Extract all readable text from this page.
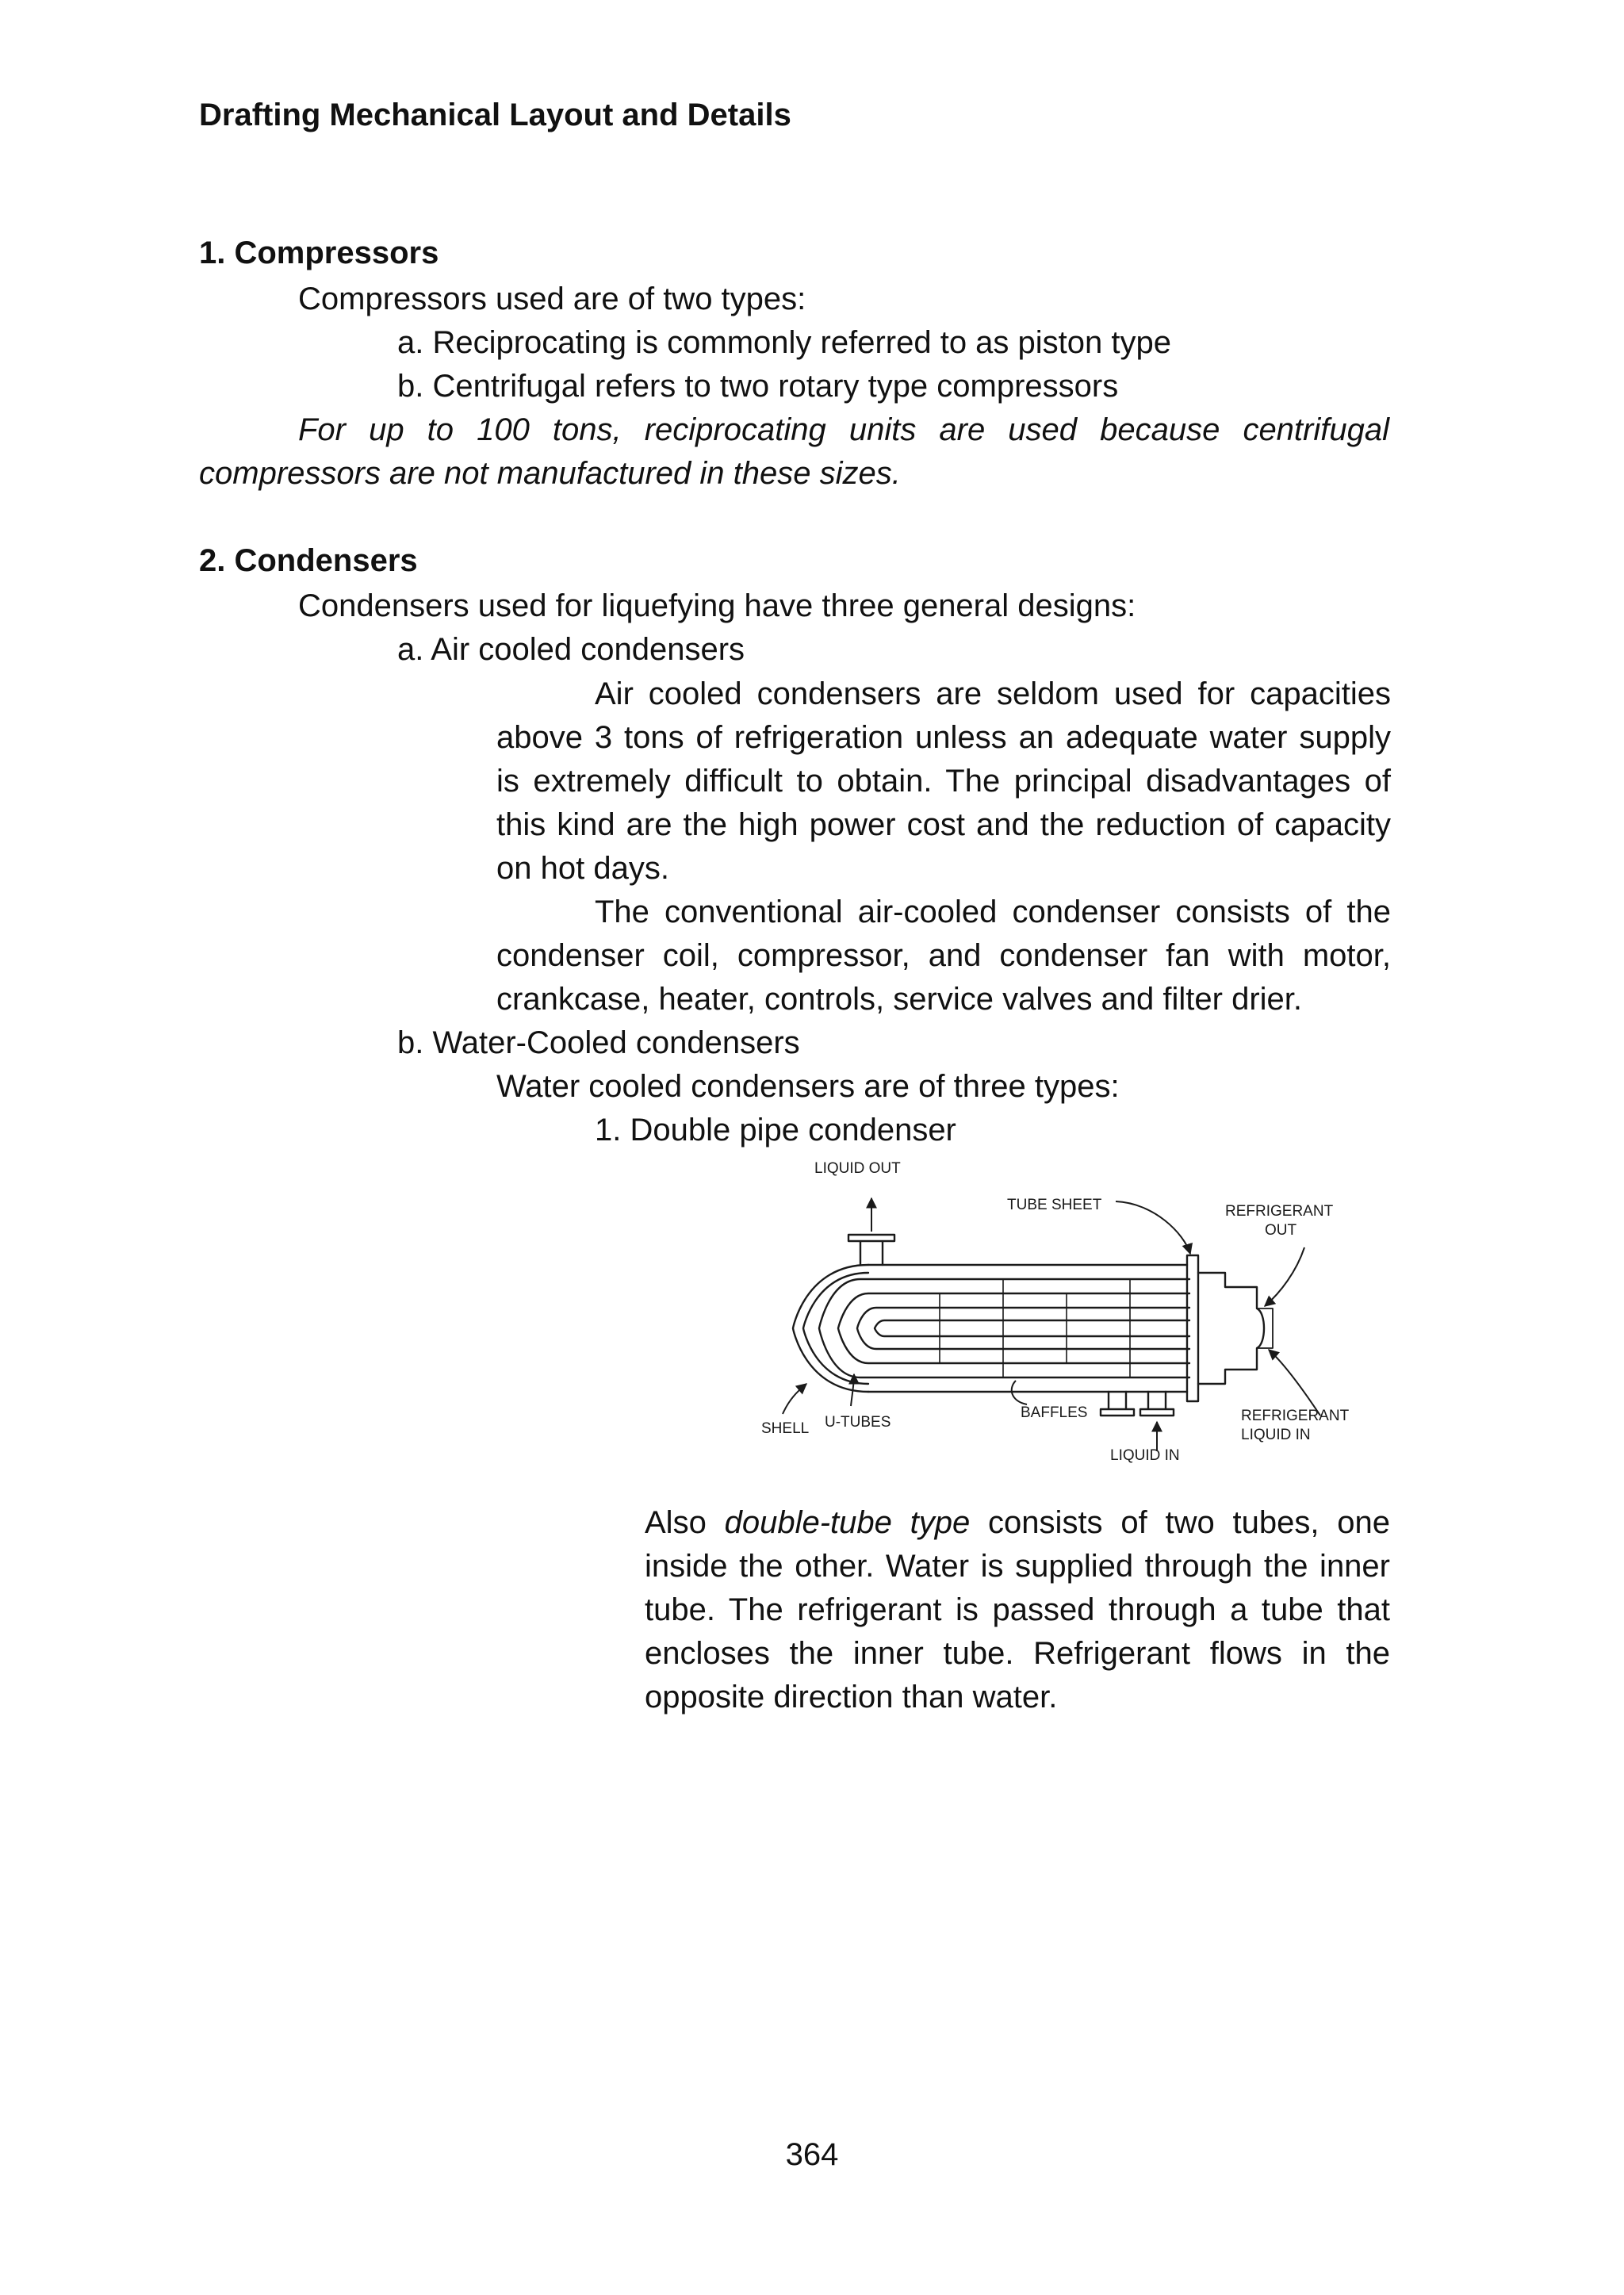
Drafting Mechanical Layout and Details
1. Compressors
Compressors used are of two types:
a. Reciprocating is commonly referred to as piston type
b. Centrifugal refers to two rotary type compressors
For up to 100 tons, reciprocating units are used because centrifugal
compressors are not manufactured in these sizes.
2. Condensers
Condensers used for liquefying have three general designs:
a. Air cooled condensers
Air cooled condensers are seldom used for capacities
above 3 tons of refrigeration unless an adequate water supply
is extremely difficult to obtain. The principal disadvantages of
this kind are the high power cost and the reduction of capacity
on hot days.
The conventional air-cooled condenser consists of the
condenser coil, compressor, and condenser fan with motor,
crankcase, heater, controls, service valves and filter drier.
b. Water-Cooled condensers
Water cooled condensers are of three types:
1. Double pipe condenser
LIQUID OUT
TUBE SHEET	REFRIGERANT
OUT
SHELL U-TUBES
BAFFLES	REFRIGERANT
LIQUID IN
LIQUID IN
Also double-tube type consists of two tubes, one
inside the other. Water is supplied through the inner
tube. The refrigerant is passed through a tube that
encloses the inner tube. Refrigerant flows in the
opposite direction than water.
364
